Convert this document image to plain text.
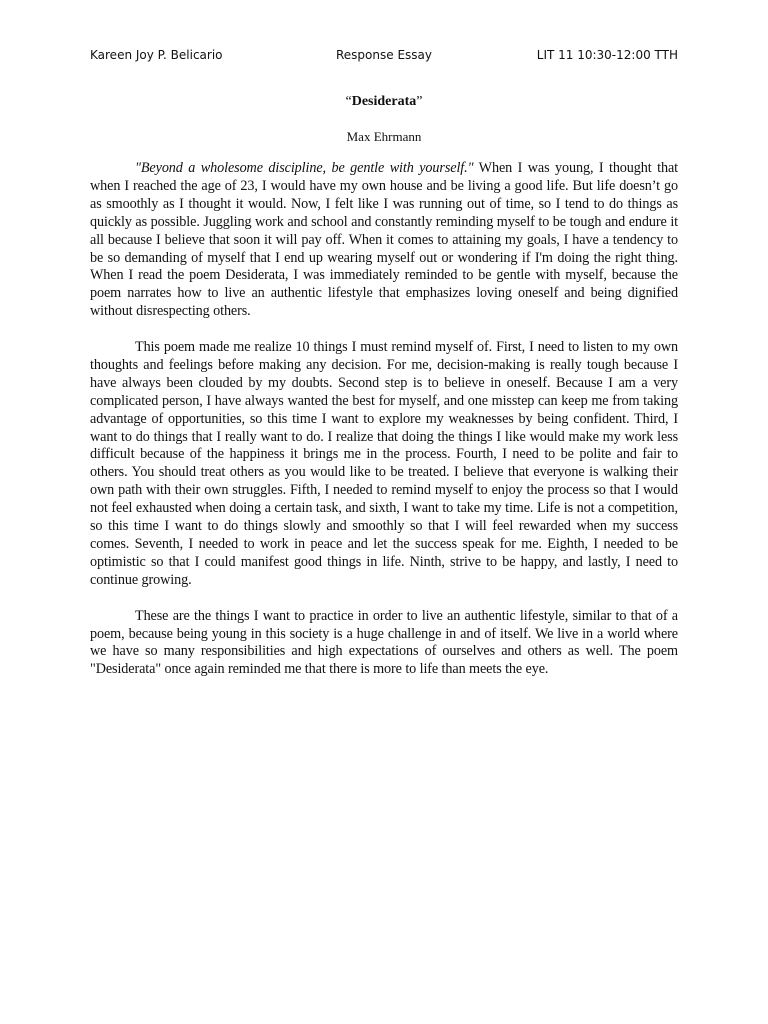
Kareen Joy P. Belicario	Response Essay	LIT 11 10:30-12:00 TTH
“Desiderata”
Max Ehrmann

"Beyond a wholesome discipline, be gentle with yourself." When I was young, I thought that when I reached the age of 23, I would have my own house and be living a good life. But life doesn’t go as smoothly as I thought it would. Now, I felt like I was running out of time, so I tend to do things as quickly as possible. Juggling work and school and constantly reminding myself to be tough and endure it all because I believe that soon it will pay off. When it comes to attaining my goals, I have a tendency to be so demanding of myself that I end up wearing myself out or wondering if I'm doing the right thing. When I read the poem Desiderata, I was immediately reminded to be gentle with myself, because the poem narrates how to live an authentic lifestyle that emphasizes loving oneself and being dignified without disrespecting others.

This poem made me realize 10 things I must remind myself of. First, I need to listen to my own thoughts and feelings before making any decision. For me, decision-making is really tough because I have always been clouded by my doubts. Second step is to believe in oneself. Because I am a very complicated person, I have always wanted the best for myself, and one misstep can keep me from taking advantage of opportunities, so this time I want to explore my weaknesses by being confident. Third, I want to do things that I really want to do. I realize that doing the things I like would make my work less difficult because of the happiness it brings me in the process. Fourth, I need to be polite and fair to others. You should treat others as you would like to be treated. I believe that everyone is walking their own path with their own struggles. Fifth, I needed to remind myself to enjoy the process so that I would not feel exhausted when doing a certain task, and sixth, I want to take my time. Life is not a competition, so this time I want to do things slowly and smoothly so that I will feel rewarded when my success comes. Seventh, I needed to work in peace and let the success speak for me. Eighth, I needed to be optimistic so that I could manifest good things in life. Ninth, strive to be happy, and lastly, I need to continue growing.

These are the things I want to practice in order to live an authentic lifestyle, similar to that of a poem, because being young in this society is a huge challenge in and of itself. We live in a world where we have so many responsibilities and high expectations of ourselves and others as well. The poem "Desiderata" once again reminded me that there is more to life than meets the eye.
